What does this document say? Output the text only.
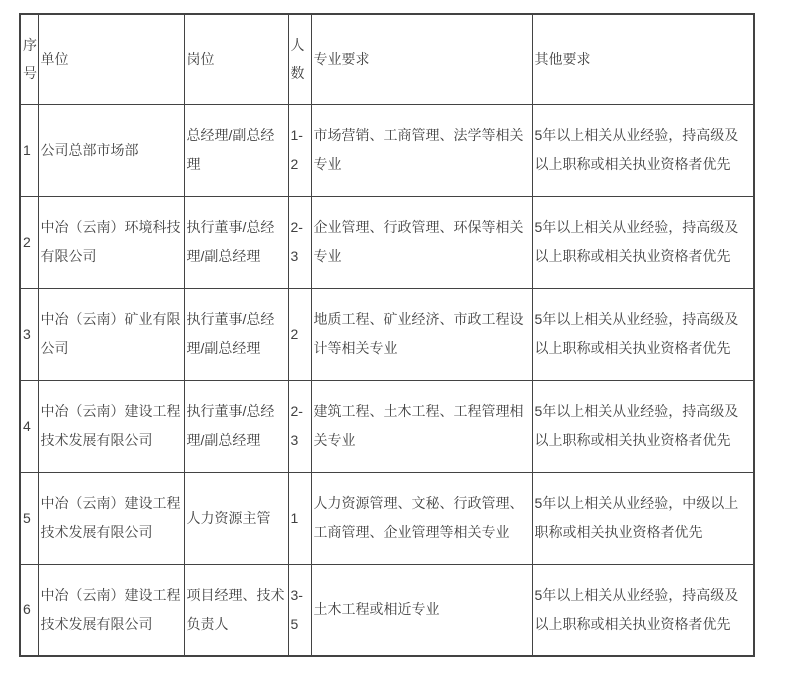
序号	单位	岗位	人数	专业要求	其他要求
1	公司总部市场部	总经理/副总经理	1-2	市场营销、工商管理、法学等相关专业	5年以上相关从业经验，持高级及以上职称或相关执业资格者优先
2	中冶（云南）环境科技有限公司	执行董事/总经理/副总经理	2-3	企业管理、行政管理、环保等相关专业	5年以上相关从业经验，持高级及以上职称或相关执业资格者优先
3	中冶（云南）矿业有限公司	执行董事/总经理/副总经理	2	地质工程、矿业经济、市政工程设计等相关专业	5年以上相关从业经验，持高级及以上职称或相关执业资格者优先
4	中冶（云南）建设工程技术发展有限公司	执行董事/总经理/副总经理	2-3	建筑工程、土木工程、工程管理相关专业	5年以上相关从业经验，持高级及以上职称或相关执业资格者优先
5	中冶（云南）建设工程技术发展有限公司	人力资源主管	1	人力资源管理、文秘、行政管理、工商管理、企业管理等相关专业	5年以上相关从业经验，中级以上职称或相关执业资格者优先
6	中冶（云南）建设工程技术发展有限公司	项目经理、技术负责人	3-5	土木工程或相近专业	5年以上相关从业经验，持高级及以上职称或相关执业资格者优先
